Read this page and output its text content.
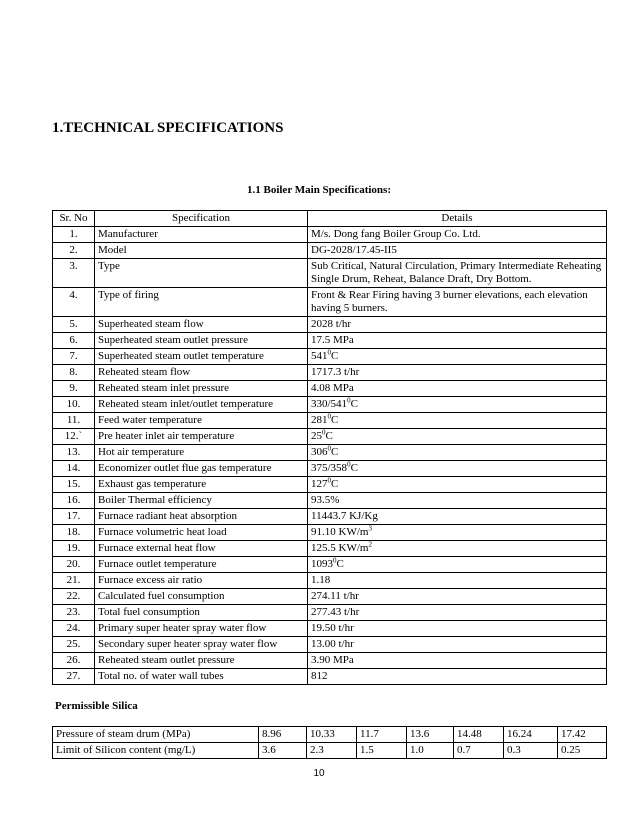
1.TECHNICAL SPECIFICATIONS
1.1 Boiler Main Specifications:
Sr. No	Specification	Details
1.	Manufacturer	M/s. Dong fang Boiler Group Co. Ltd.
2.	Model	DG-2028/17.45-II5
3.	Type	Sub Critical, Natural Circulation, Primary Intermediate Reheating Single Drum, Reheat, Balance Draft, Dry Bottom.
4.	Type of firing	Front & Rear Firing having 3 burner elevations, each elevation having 5 burners.
5.	Superheated steam flow	2028 t/hr
6.	Superheated steam outlet pressure	17.5 MPa
7.	Superheated steam outlet temperature	$541^0C$
8.	Reheated steam flow	1717.3 t/hr
9.	Reheated steam inlet pressure	4.08 MPa
10.	Reheated steam inlet/outlet temperature	$330/541^0C$
11.	Feed water temperature	$281^0C$
12.`	Pre heater inlet air temperature	$25^0C$
13.	Hot air temperature	$306^0C$
14.	Economizer outlet flue gas temperature	$375/358^0C$
15.	Exhaust gas temperature	$127^0C$
16.	Boiler Thermal efficiency	93.5%
17.	Furnace radiant heat absorption	11443.7 KJ/Kg
18.	Furnace volumetric heat load	91.10 $KW/m^3$
19.	Furnace external heat flow	125.5 $KW/m^2$
20.	Furnace outlet temperature	1093$^0$C
21.	Furnace excess air ratio	1.18
22.	Calculated fuel consumption	274.11 t/hr
23.	Total fuel consumption	277.43 t/hr
24.	Primary super heater spray water flow	19.50 t/hr
25.	Secondary super heater spray water flow	13.00 t/hr
26.	Reheated steam outlet pressure	3.90 MPa
27.	Total no. of water wall tubes	812
Permissible Silica
Pressure of steam drum (MPa)	8.96	10.33	11.7	13.6	14.48	16.24	17.42
Limit of Silicon content (mg/L)	3.6	2.3	1.5	1.0	0.7	0.3	0.25
10
